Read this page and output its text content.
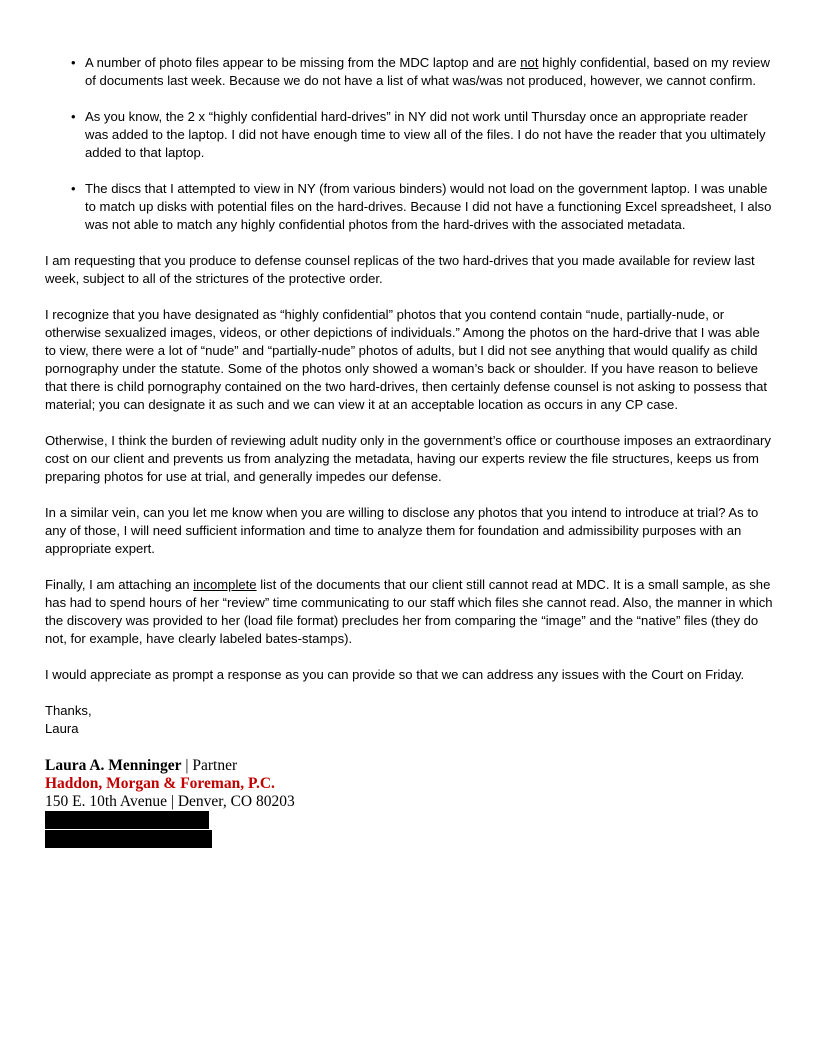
• A number of photo files appear to be missing from the MDC laptop and are not highly confidential, based on my review of documents last week. Because we do not have a list of what was/was not produced, however, we cannot confirm.
• As you know, the 2 x “highly confidential hard-drives” in NY did not work until Thursday once an appropriate reader was added to the laptop. I did not have enough time to view all of the files. I do not have the reader that you ultimately added to that laptop.
• The discs that I attempted to view in NY (from various binders) would not load on the government laptop. I was unable to match up disks with potential files on the hard-drives. Because I did not have a functioning Excel spreadsheet, I also was not able to match any highly confidential photos from the hard-drives with the associated metadata.

I am requesting that you produce to defense counsel replicas of the two hard-drives that you made available for review last week, subject to all of the strictures of the protective order.

I recognize that you have designated as “highly confidential” photos that you contend contain “nude, partially-nude, or otherwise sexualized images, videos, or other depictions of individuals.” Among the photos on the hard-drive that I was able to view, there were a lot of “nude” and “partially-nude” photos of adults, but I did not see anything that would qualify as child pornography under the statute. Some of the photos only showed a woman’s back or shoulder. If you have reason to believe that there is child pornography contained on the two hard-drives, then certainly defense counsel is not asking to possess that material; you can designate it as such and we can view it at an acceptable location as occurs in any CP case.

Otherwise, I think the burden of reviewing adult nudity only in the government’s office or courthouse imposes an extraordinary cost on our client and prevents us from analyzing the metadata, having our experts review the file structures, keeps us from preparing photos for use at trial, and generally impedes our defense.

In a similar vein, can you let me know when you are willing to disclose any photos that you intend to introduce at trial? As to any of those, I will need sufficient information and time to analyze them for foundation and admissibility purposes with an appropriate expert.

Finally, I am attaching an incomplete list of the documents that our client still cannot read at MDC. It is a small sample, as she has had to spend hours of her “review” time communicating to our staff which files she cannot read. Also, the manner in which the discovery was provided to her (load file format) precludes her from comparing the “image” and the “native” files (they do not, for example, have clearly labeled bates-stamps).

I would appreciate as prompt a response as you can provide so that we can address any issues with the Court on Friday.

Thanks,
Laura

Laura A. Menninger | Partner
Haddon, Morgan & Foreman, P.C.
150 E. 10th Avenue | Denver, CO 80203
